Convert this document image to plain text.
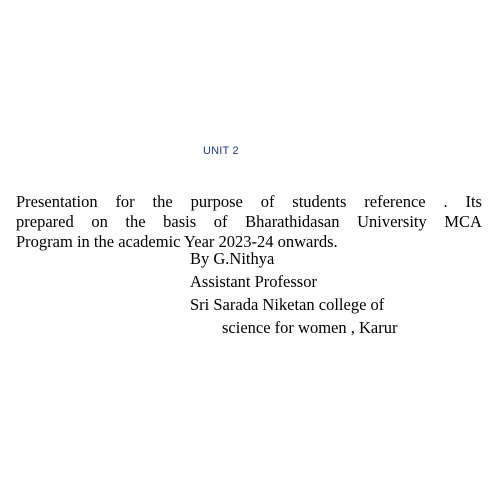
UNIT 2
Presentation for the purpose of students reference . Its
prepared on the basis of Bharathidasan University MCA
Program in the academic Year 2023-24 onwards.
By G.Nithya
Assistant Professor
Sri Sarada Niketan college of
science for women , Karur
